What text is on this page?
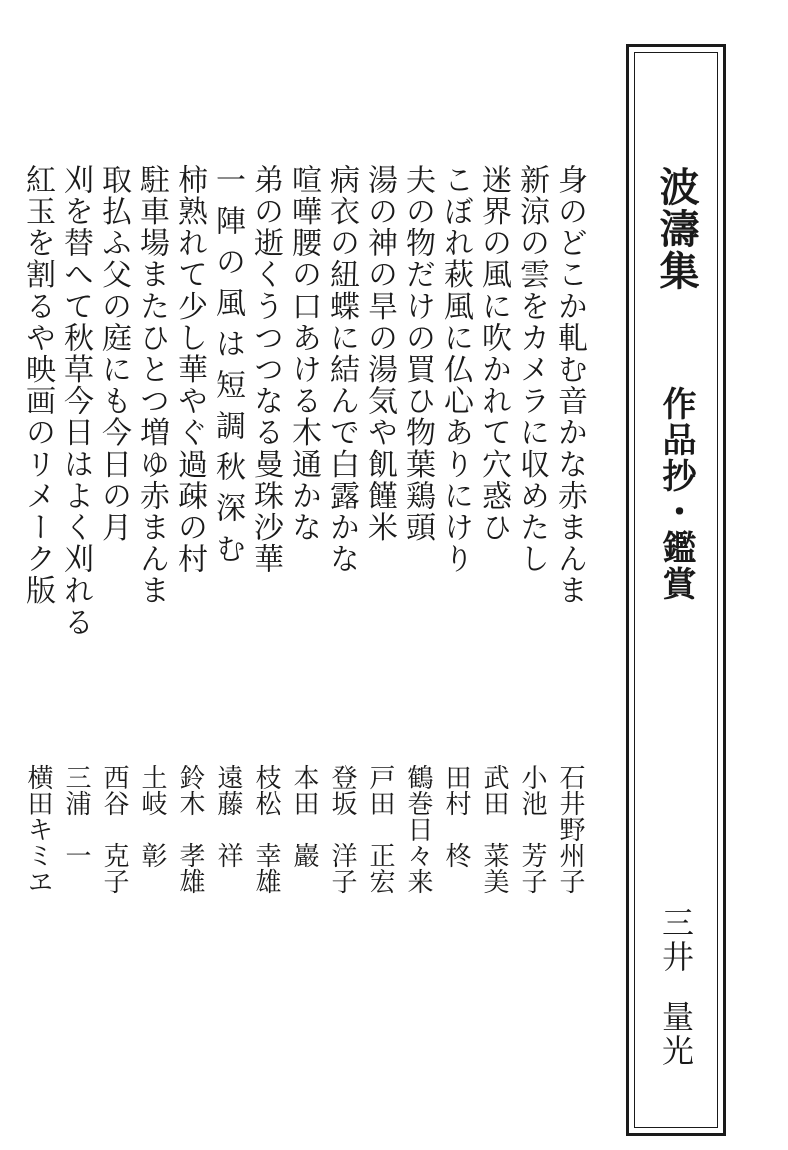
身のどこか軋む音かな赤まんま
新涼の雲をカメラに収めたし
迷界の風に吹かれて穴惑ひ
こぼれ萩風に仏心ありにけり
夫の物だけの買ひ物葉鶏頭
湯の神の旱の湯気や飢饉米
病衣の紐蝶に結んで白露かな
喧嘩腰の口あける木通かな
弟の逝くうつつなる曼珠沙華
一陣の風は短調秋深む
柿熟れて少し華やぐ過疎の村
駐車場またひとつ増ゆ赤まんま
取払ふ父の庭にも今日の月
刈を替へて秋草今日はよく刈れる
紅玉を割るや映画のリメーク版
石井野州子
小池　芳子
武田　菜美
田村　柊
鶴巻日々来
戸田　正宏
登坂　洋子
本田　巖
枝松　幸雄
遠藤　祥
鈴木　孝雄
土岐　彰
西谷　克子
三浦　一
横田キミヱ
波濤集
作品抄・鑑賞
三井
量光
